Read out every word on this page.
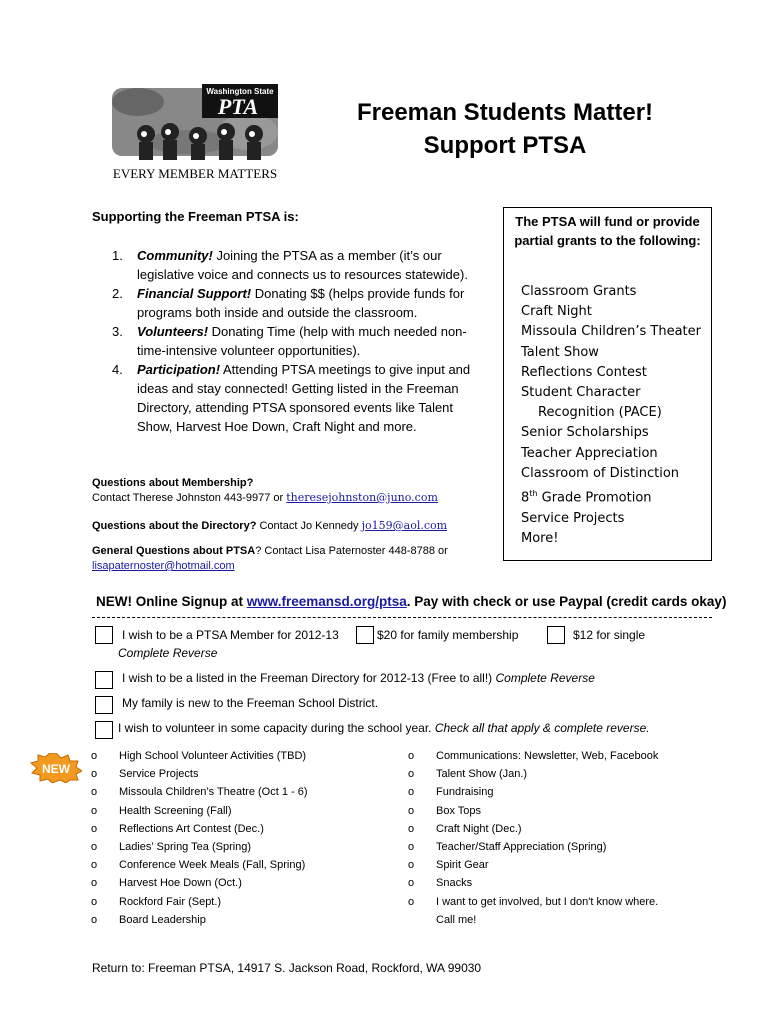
Washington State
PTA
EVERY MEMBER MATTERS
Freeman Students Matter!
Support PTSA
Supporting the Freeman PTSA is:
1. Community! Joining the PTSA as a member (it’s our legislative voice and connects us to resources statewide).
2. Financial Support! Donating $$ (helps provide funds for programs both inside and outside the classroom.
3. Volunteers! Donating Time (help with much needed non-time-intensive volunteer opportunities).
4. Participation! Attending PTSA meetings to give input and ideas and stay connected! Getting listed in the Freeman Directory, attending PTSA sponsored events like Talent Show, Harvest Hoe Down, Craft Night and more.
The PTSA will fund or provide partial grants to the following:
Classroom Grants
Craft Night
Missoula Children’s Theater
Talent Show
Reflections Contest
Student Character
Recognition (PACE)
Senior Scholarships
Teacher Appreciation
Classroom of Distinction
8th Grade Promotion
Service Projects
More!
Questions about Membership?
Contact Therese Johnston 443-9977 or theresejohnston@juno.com
Questions about the Directory? Contact Jo Kennedy jo159@aol.com
General Questions about PTSA? Contact Lisa Paternoster 448-8788 or
lisapaternoster@hotmail.com
NEW! Online Signup at www.freemansd.org/ptsa. Pay with check or use Paypal (credit cards okay)
I wish to be a PTSA Member for 2012-13	$20 for family membership	$12 for single
Complete Reverse
I wish to be a listed in the Freeman Directory for 2012-13 (Free to all!) Complete Reverse
My family is new to the Freeman School District.
I wish to volunteer in some capacity during the school year. Check all that apply & complete reverse.
NEW
o High School Volunteer Activities (TBD)
o Service Projects
o Missoula Children’s Theatre (Oct 1 - 6)
o Health Screening (Fall)
o Reflections Art Contest (Dec.)
o Ladies’ Spring Tea (Spring)
o Conference Week Meals (Fall, Spring)
o Harvest Hoe Down (Oct.)
o Rockford Fair (Sept.)
o Board Leadership
o Communications: Newsletter, Web, Facebook
o Talent Show (Jan.)
o Fundraising
o Box Tops
o Craft Night (Dec.)
o Teacher/Staff Appreciation (Spring)
o Spirit Gear
o Snacks
o I want to get involved, but I don't know where.
Call me!
Return to: Freeman PTSA, 14917 S. Jackson Road, Rockford, WA 99030
